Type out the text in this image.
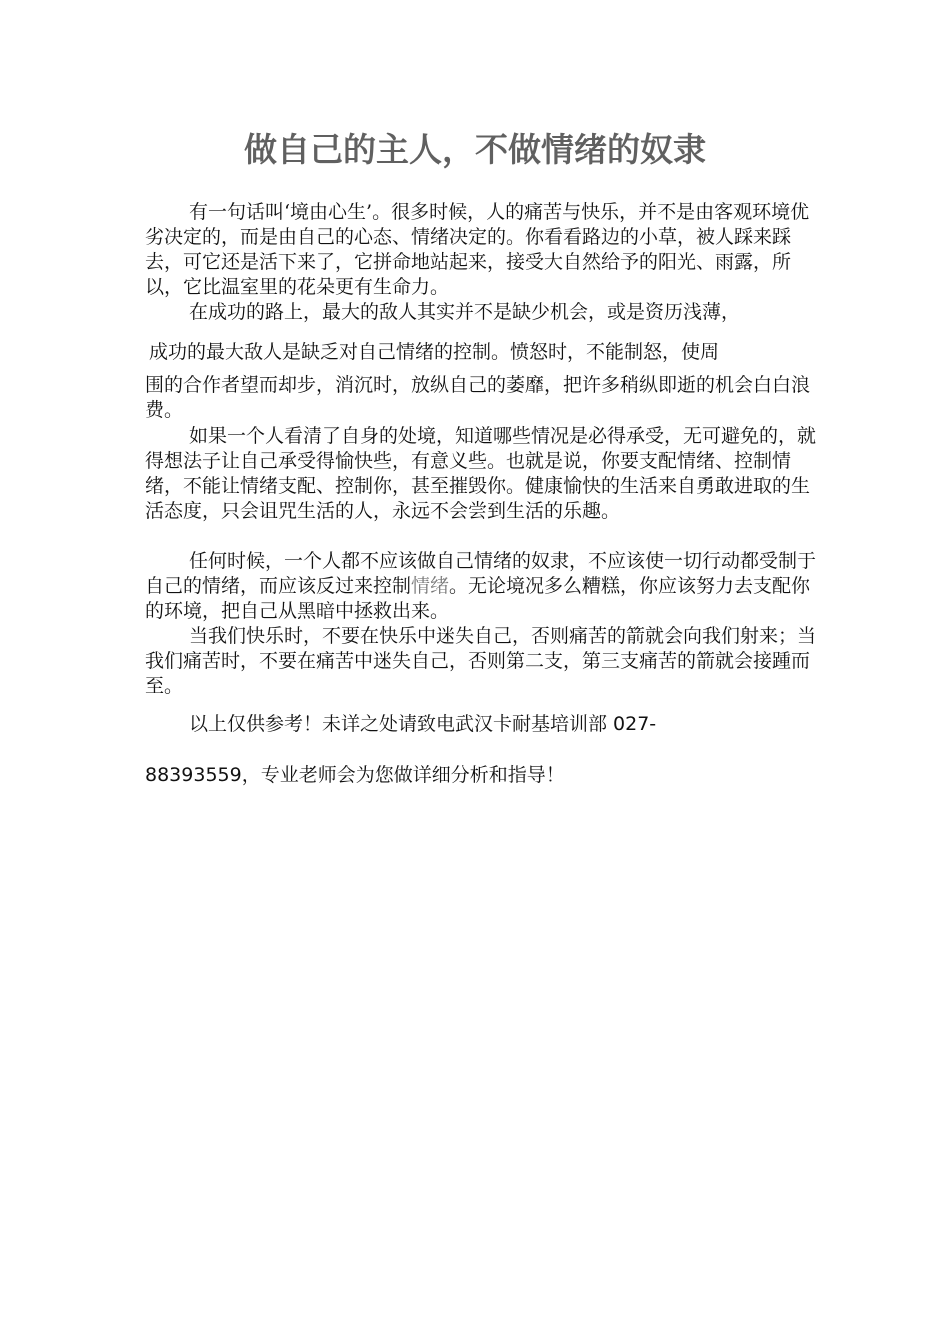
做自己的主人，不做情绪的奴隶

有一句话叫‘境由心生’。很多时候，人的痛苦与快乐，并不是由客观环境优劣决定的，而是由自己的心态、情绪决定的。你看看路边的小草，被人踩来踩去，可它还是活下来了，它拼命地站起来，接受大自然给予的阳光、雨露，所以，它比温室里的花朵更有生命力。

在成功的路上，最大的敌人其实并不是缺少机会，或是资历浅薄，

成功的最大敌人是缺乏对自己情绪的控制。愤怒时，不能制怒，使周

围的合作者望而却步，消沉时，放纵自己的萎靡，把许多稍纵即逝的机会白白浪费。

如果一个人看清了自身的处境，知道哪些情况是必得承受，无可避免的，就得想法子让自己承受得愉快些，有意义些。也就是说，你要支配情绪、控制情绪，不能让情绪支配、控制你，甚至摧毁你。健康愉快的生活来自勇敢进取的生活态度，只会诅咒生活的人，永远不会尝到生活的乐趣。

任何时候，一个人都不应该做自己情绪的奴隶，不应该使一切行动都受制于自己的情绪，而应该反过来控制情绪。无论境况多么糟糕，你应该努力去支配你的环境，把自己从黑暗中拯救出来。

当我们快乐时，不要在快乐中迷失自己，否则痛苦的箭就会向我们射来；当我们痛苦时，不要在痛苦中迷失自己，否则第二支，第三支痛苦的箭就会接踵而至。

以上仅供参考！未详之处请致电武汉卡耐基培训部 027-

88393559，专业老师会为您做详细分析和指导！
